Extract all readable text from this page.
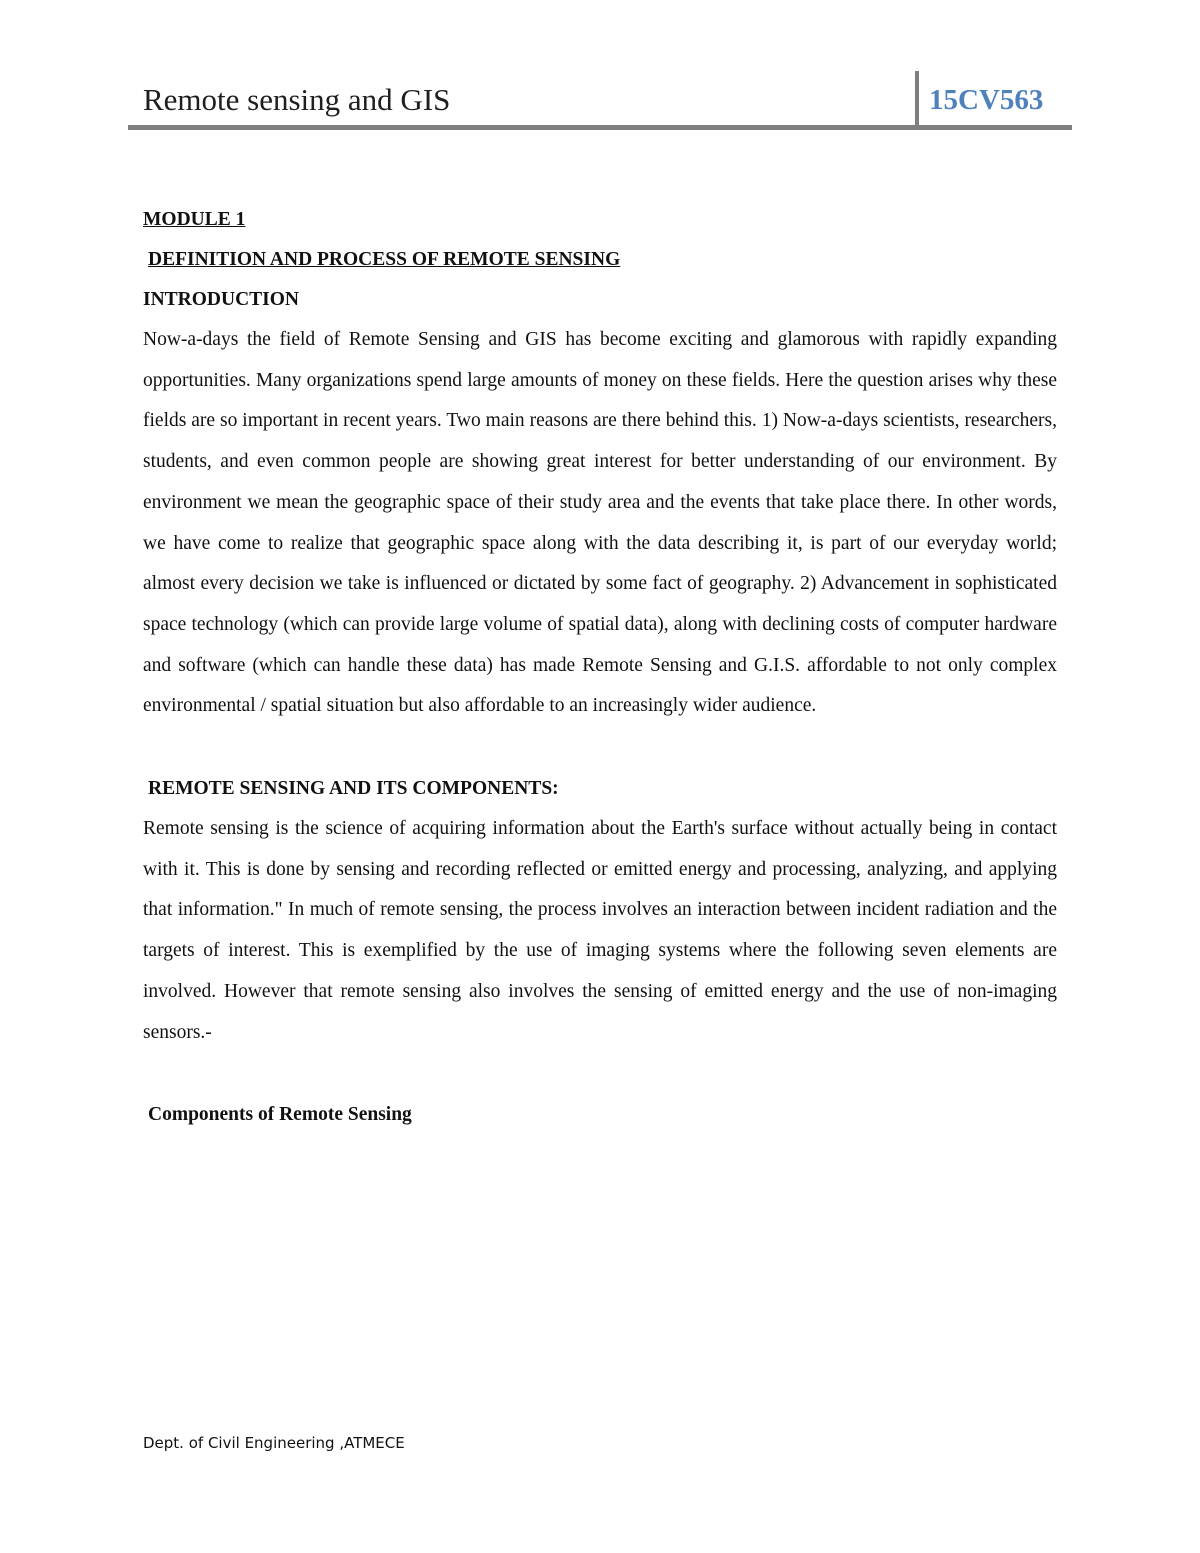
Remote sensing and GIS	15CV563
MODULE 1
DEFINITION AND PROCESS OF REMOTE SENSING
INTRODUCTION

Now-a-days the field of Remote Sensing and GIS has become exciting and glamorous with rapidly expanding opportunities. Many organizations spend large amounts of money on these fields. Here the question arises why these fields are so important in recent years. Two main reasons are there behind this. 1) Now-a-days scientists, researchers, students, and even common people are showing great interest for better understanding of our environment. By environment we mean the geographic space of their study area and the events that take place there. In other words, we have come to realize that geographic space along with the data describing it, is part of our everyday world; almost every decision we take is influenced or dictated by some fact of geography. 2) Advancement in sophisticated space technology (which can provide large volume of spatial data), along with declining costs of computer hardware and software (which can handle these data) has made Remote Sensing and G.I.S. affordable to not only complex environmental / spatial situation but also affordable to an increasingly wider audience.

REMOTE SENSING AND ITS COMPONENTS:

Remote sensing is the science of acquiring information about the Earth's surface without actually being in contact with it. This is done by sensing and recording reflected or emitted energy and processing, analyzing, and applying that information." In much of remote sensing, the process involves an interaction between incident radiation and the targets of interest. This is exemplified by the use of imaging systems where the following seven elements are involved. However that remote sensing also involves the sensing of emitted energy and the use of non-imaging sensors.-

Components of Remote Sensing
Dept. of Civil Engineering ,ATMECE
